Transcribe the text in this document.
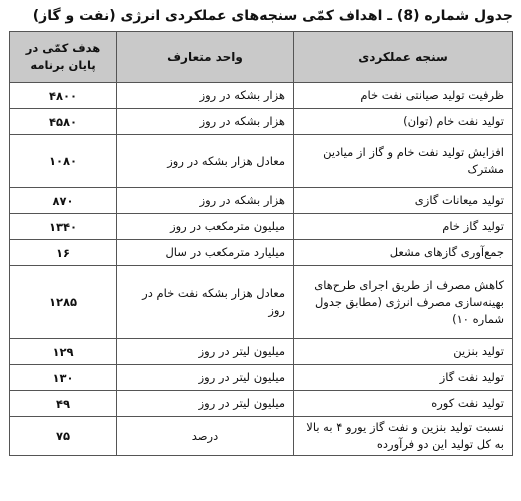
جدول شماره (8) ـ اهداف کمّی سنجه‌های عملکردی انرژی (نفت و گاز)
سنجه عملکردی	واحد متعارف	هدف کمّی در پایان برنامه
ظرفیت تولید صیانتی نفت خام	هزار بشکه در روز	۴۸۰۰
تولید نفت خام (توان)	هزار بشکه در روز	۴۵۸۰
افزایش تولید نفت خام و گاز از میادین مشترک	معادل هزار بشکه در روز	۱۰۸۰
تولید میعانات گازی	هزار بشکه در روز	۸۷۰
تولید گاز خام	میلیون مترمکعب در روز	۱۳۴۰
جمع‌آوری گازهای مشعل	میلیارد مترمکعب در سال	۱۶
کاهش مصرف از طریق اجرای طرح‌های بهینه‌سازی مصرف انرژی (مطابق جدول شماره ۱۰)	معادل هزار بشکه نفت خام در روز	۱۲۸۵
تولید بنزین	میلیون لیتر در روز	۱۲۹
تولید نفت گاز	میلیون لیتر در روز	۱۳۰
تولید نفت کوره	میلیون لیتر در روز	۴۹
نسبت تولید بنزین و نفت گاز یورو ۴ به بالا به کل تولید این دو فرآورده	درصد	۷۵
